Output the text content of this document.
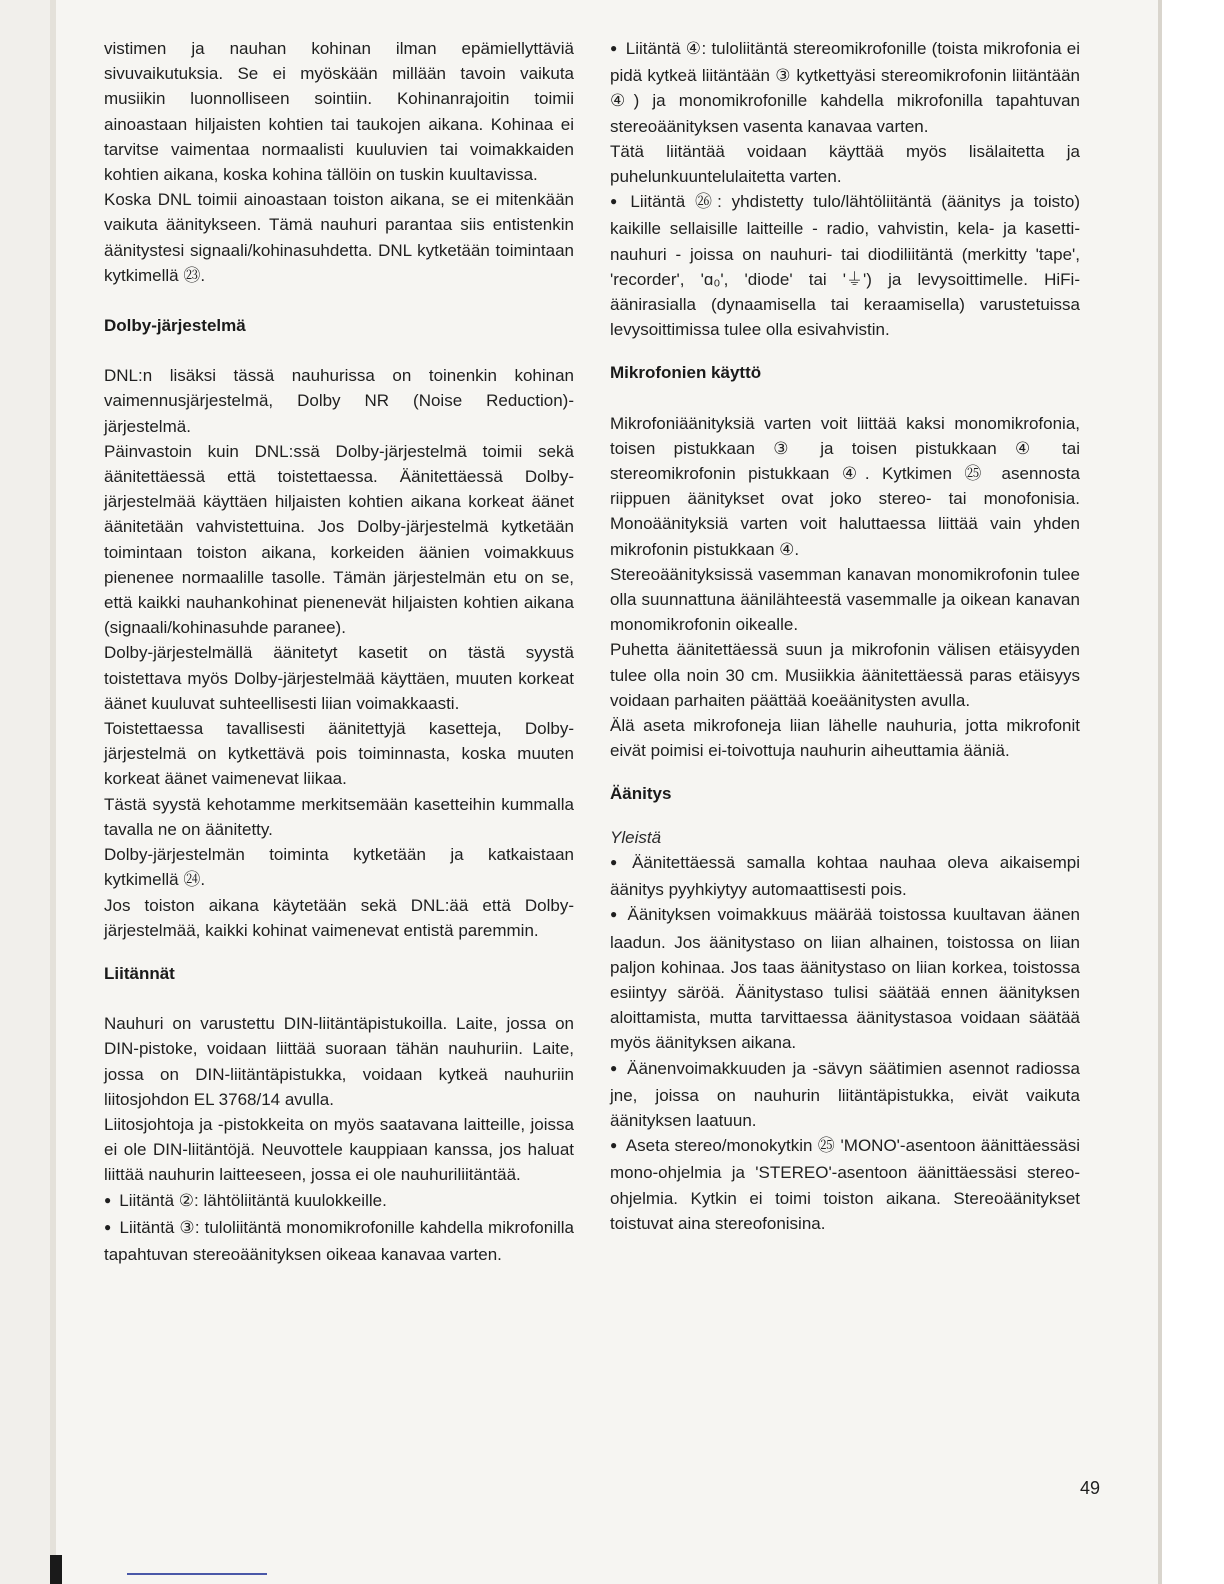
vistimen ja nauhan kohinan ilman epämiellyttäviä sivuvaikutuksia. Se ei myöskään millään tavoin vaikuta musiikin luonnolliseen sointiin. Kohinanrajoitin toimii ainoastaan hiljaisten kohtien tai taukojen aikana. Kohinaa ei tarvitse vaimentaa normaalisti kuuluvien tai voimakkaiden kohtien aikana, koska kohina tällöin on tuskin kuultavissa.

Koska DNL toimii ainoastaan toiston aikana, se ei mitenkään vaikuta äänitykseen. Tämä nauhuri parantaa siis entistenkin äänitystesi signaali/kohinasuhdetta. DNL kytketään toimintaan kytkimellä ㉓.

Dolby-järjestelmä

DNL:n lisäksi tässä nauhurissa on toinenkin kohinan vaimennusjärjestelmä, Dolby NR (Noise Reduction)-järjestelmä.

Päinvastoin kuin DNL:ssä Dolby-järjestelmä toimii sekä äänitettäessä että toistettaessa. Äänitettäessä Dolby-järjestelmää käyttäen hiljaisten kohtien aikana korkeat äänet äänitetään vahvistettuina. Jos Dolby-järjestelmä kytketään toimintaan toiston aikana, korkeiden äänien voimakkuus pienenee normaalille tasolle. Tämän järjestelmän etu on se, että kaikki nauhankohinat pienenevät hiljaisten kohtien aikana (signaali/kohinasuhde paranee).

Dolby-järjestelmällä äänitetyt kasetit on tästä syystä toistettava myös Dolby-järjestelmää käyttäen, muuten korkeat äänet kuuluvat suhteellisesti liian voimakkaasti.

Toistettaessa tavallisesti äänitettyjä kasetteja, Dolby-järjestelmä on kytkettävä pois toiminnasta, koska muuten korkeat äänet vaimenevat liikaa.

Tästä syystä kehotamme merkitsemään kasetteihin kummalla tavalla ne on äänitetty.

Dolby-järjestelmän toiminta kytketään ja katkaistaan kytkimellä ㉔.

Jos toiston aikana käytetään sekä DNL:ää että Dolby-järjestelmää, kaikki kohinat vaimenevat entistä paremmin.

Liitännät

Nauhuri on varustettu DIN-liitäntäpistukoilla. Laite, jossa on DIN-pistoke, voidaan liittää suoraan tähän nauhuriin. Laite, jossa on DIN-liitäntäpistukka, voidaan kytkeä nauhuriin liitosjohdon EL 3768/14 avulla.

Liitosjohtoja ja -pistokkeita on myös saatavana laitteille, joissa ei ole DIN-liitäntöjä. Neuvottele kauppiaan kanssa, jos haluat liittää nauhurin laitteeseen, jossa ei ole nauhuriliitäntää.

● Liitäntä ②: lähtöliitäntä kuulokkeille.

● Liitäntä ③: tuloliitäntä monomikrofonille kahdella mikrofonilla tapahtuvan stereoäänityksen oikeaa kanavaa varten.

● Liitäntä ④: tuloliitäntä stereomikrofonille (toista mikrofonia ei pidä kytkeä liitäntään ③ kytkettyäsi stereomikrofonin liitäntään ④) ja monomikrofonille kahdella mikrofonilla tapahtuvan stereoäänityksen vasenta kanavaa varten.

Tätä liitäntää voidaan käyttää myös lisälaitetta ja puhelunkuuntelulaitetta varten.

● Liitäntä ㉖: yhdistetty tulo/lähtöliitäntä (äänitys ja toisto) kaikille sellaisille laitteille - radio, vahvistin, kela- ja kasetti-nauhuri - joissa on nauhuri- tai diodiliitäntä (merkitty 'tape', 'recorder', 'ɑ₀', 'diode' tai '⏚') ja levysoittimelle. HiFi-äänirasialla (dynaamisella tai keraamisella) varustetuissa levysoittimissa tulee olla esivahvistin.

Mikrofonien käyttö

Mikrofoniäänityksiä varten voit liittää kaksi monomikrofonia, toisen pistukkaan ③ ja toisen pistukkaan ④ tai stereomikrofonin pistukkaan ④. Kytkimen ㉕ asennosta riippuen äänitykset ovat joko stereo- tai monofonisia. Monoäänityksiä varten voit haluttaessa liittää vain yhden mikrofonin pistukkaan ④.

Stereoäänityksissä vasemman kanavan monomikrofonin tulee olla suunnattuna äänilähteestä vasemmalle ja oikean kanavan monomikrofonin oikealle.

Puhetta äänitettäessä suun ja mikrofonin välisen etäisyyden tulee olla noin 30 cm. Musiikkia äänitettäessä paras etäisyys voidaan parhaiten päättää koeäänitysten avulla.

Älä aseta mikrofoneja liian lähelle nauhuria, jotta mikrofonit eivät poimisi ei-toivottuja nauhurin aiheuttamia ääniä.

Äänitys
Yleistä

● Äänitettäessä samalla kohtaa nauhaa oleva aikaisempi äänitys pyyhkiytyy automaattisesti pois.

● Äänityksen voimakkuus määrää toistossa kuultavan äänen laadun. Jos äänitystaso on liian alhainen, toistossa on liian paljon kohinaa. Jos taas äänitystaso on liian korkea, toistossa esiintyy säröä. Äänitystaso tulisi säätää ennen äänityksen aloittamista, mutta tarvittaessa äänitystasoa voidaan säätää myös äänityksen aikana.

● Äänenvoimakkuuden ja -sävyn säätimien asennot radiossa jne, joissa on nauhurin liitäntäpistukka, eivät vaikuta äänityksen laatuun.

● Aseta stereo/monokytkin ㉕ 'MONO'-asentoon äänittäessäsi mono-ohjelmia ja 'STEREO'-asentoon äänittäessäsi stereo-ohjelmia. Kytkin ei toimi toiston aikana. Stereoäänitykset toistuvat aina stereofonisina.

49
